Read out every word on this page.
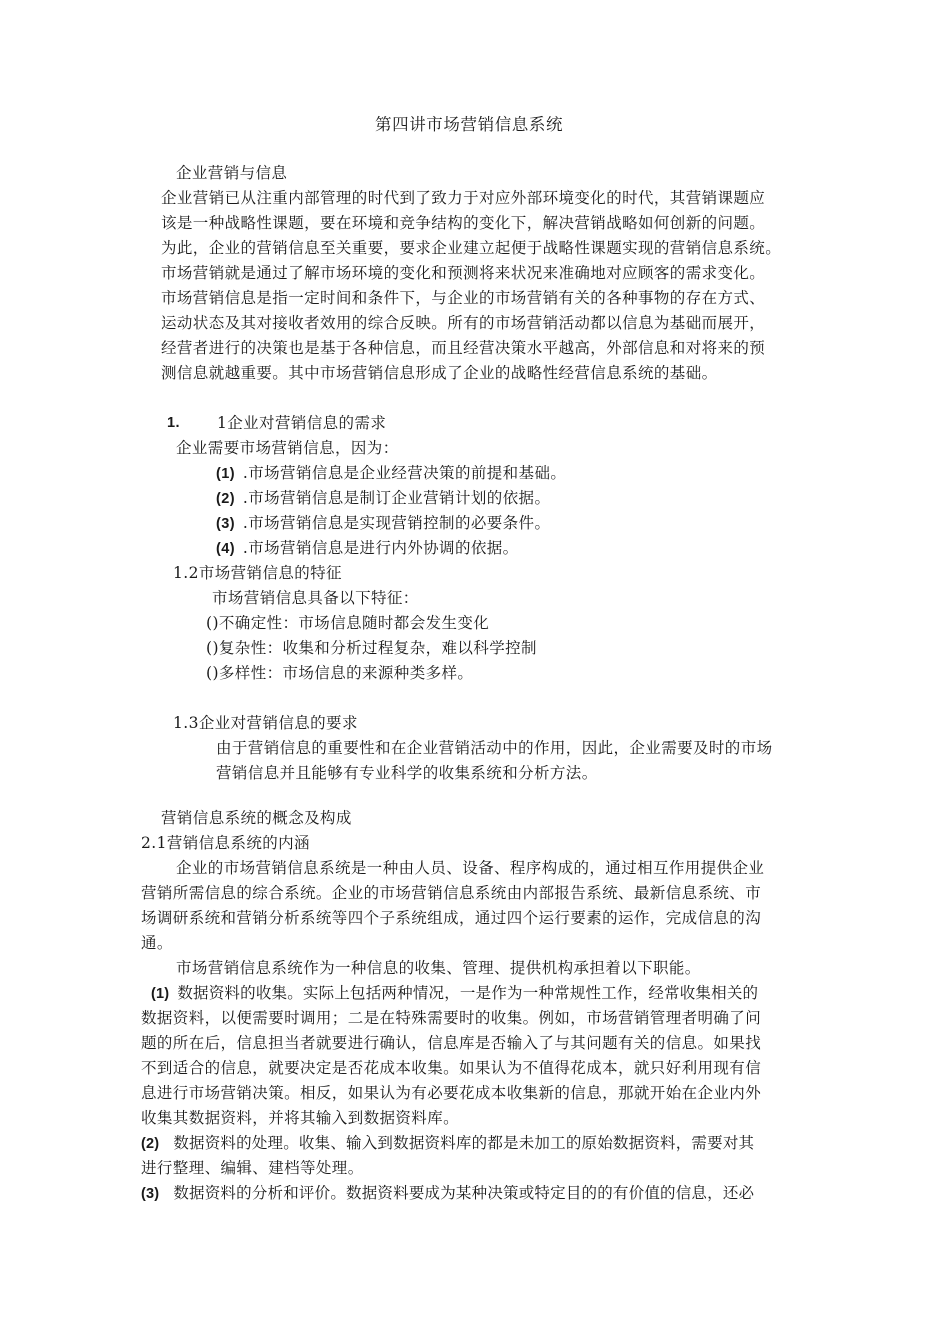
第四讲市场营销信息系统
企业营销与信息
企业营销已从注重内部管理的时代到了致力于对应外部环境变化的时代，其营销课题应
该是一种战略性课题，要在环境和竞争结构的变化下，解决营销战略如何创新的问题。
为此，企业的营销信息至关重要，要求企业建立起便于战略性课题实现的营销信息系统。
市场营销就是通过了解市场环境的变化和预测将来状况来准确地对应顾客的需求变化。
市场营销信息是指一定时间和条件下，与企业的市场营销有关的各种事物的存在方式、
运动状态及其对接收者效用的综合反映。所有的市场营销活动都以信息为基础而展开，
经营者进行的决策也是基于各种信息，而且经营决策水平越高，外部信息和对将来的预
测信息就越重要。其中市场营销信息形成了企业的战略性经营信息系统的基础。
1. 1企业对营销信息的需求
企业需要市场营销信息，因为：
(1) .市场营销信息是企业经营决策的前提和基础。
(2) .市场营销信息是制订企业营销计划的依据。
(3) .市场营销信息是实现营销控制的必要条件。
(4) .市场营销信息是进行内外协调的依据。
1.2市场营销信息的特征
市场营销信息具备以下特征：
()不确定性：市场信息随时都会发生变化
()复杂性：收集和分析过程复杂，难以科学控制
()多样性：市场信息的来源种类多样。
1.3企业对营销信息的要求
由于营销信息的重要性和在企业营销活动中的作用，因此，企业需要及时的市场
营销信息并且能够有专业科学的收集系统和分析方法。
营销信息系统的概念及构成
2.1营销信息系统的内涵
企业的市场营销信息系统是一种由人员、设备、程序构成的，通过相互作用提供企业
营销所需信息的综合系统。企业的市场营销信息系统由内部报告系统、最新信息系统、市
场调研系统和营销分析系统等四个子系统组成，通过四个运行要素的运作，完成信息的沟
通。
市场营销信息系统作为一种信息的收集、管理、提供机构承担着以下职能。
(1) 数据资料的收集。实际上包括两种情况，一是作为一种常规性工作，经常收集相关的
数据资料，以便需要时调用；二是在特殊需要时的收集。例如，市场营销管理者明确了问
题的所在后，信息担当者就要进行确认，信息库是否输入了与其问题有关的信息。如果找
不到适合的信息，就要决定是否花成本收集。如果认为不值得花成本，就只好利用现有信
息进行市场营销决策。相反，如果认为有必要花成本收集新的信息，那就开始在企业内外
收集其数据资料，并将其输入到数据资料库。
(2) 数据资料的处理。收集、输入到数据资料库的都是未加工的原始数据资料，需要对其
进行整理、编辑、建档等处理。
(3) 数据资料的分析和评价。数据资料要成为某种决策或特定目的的有价值的信息，还必
